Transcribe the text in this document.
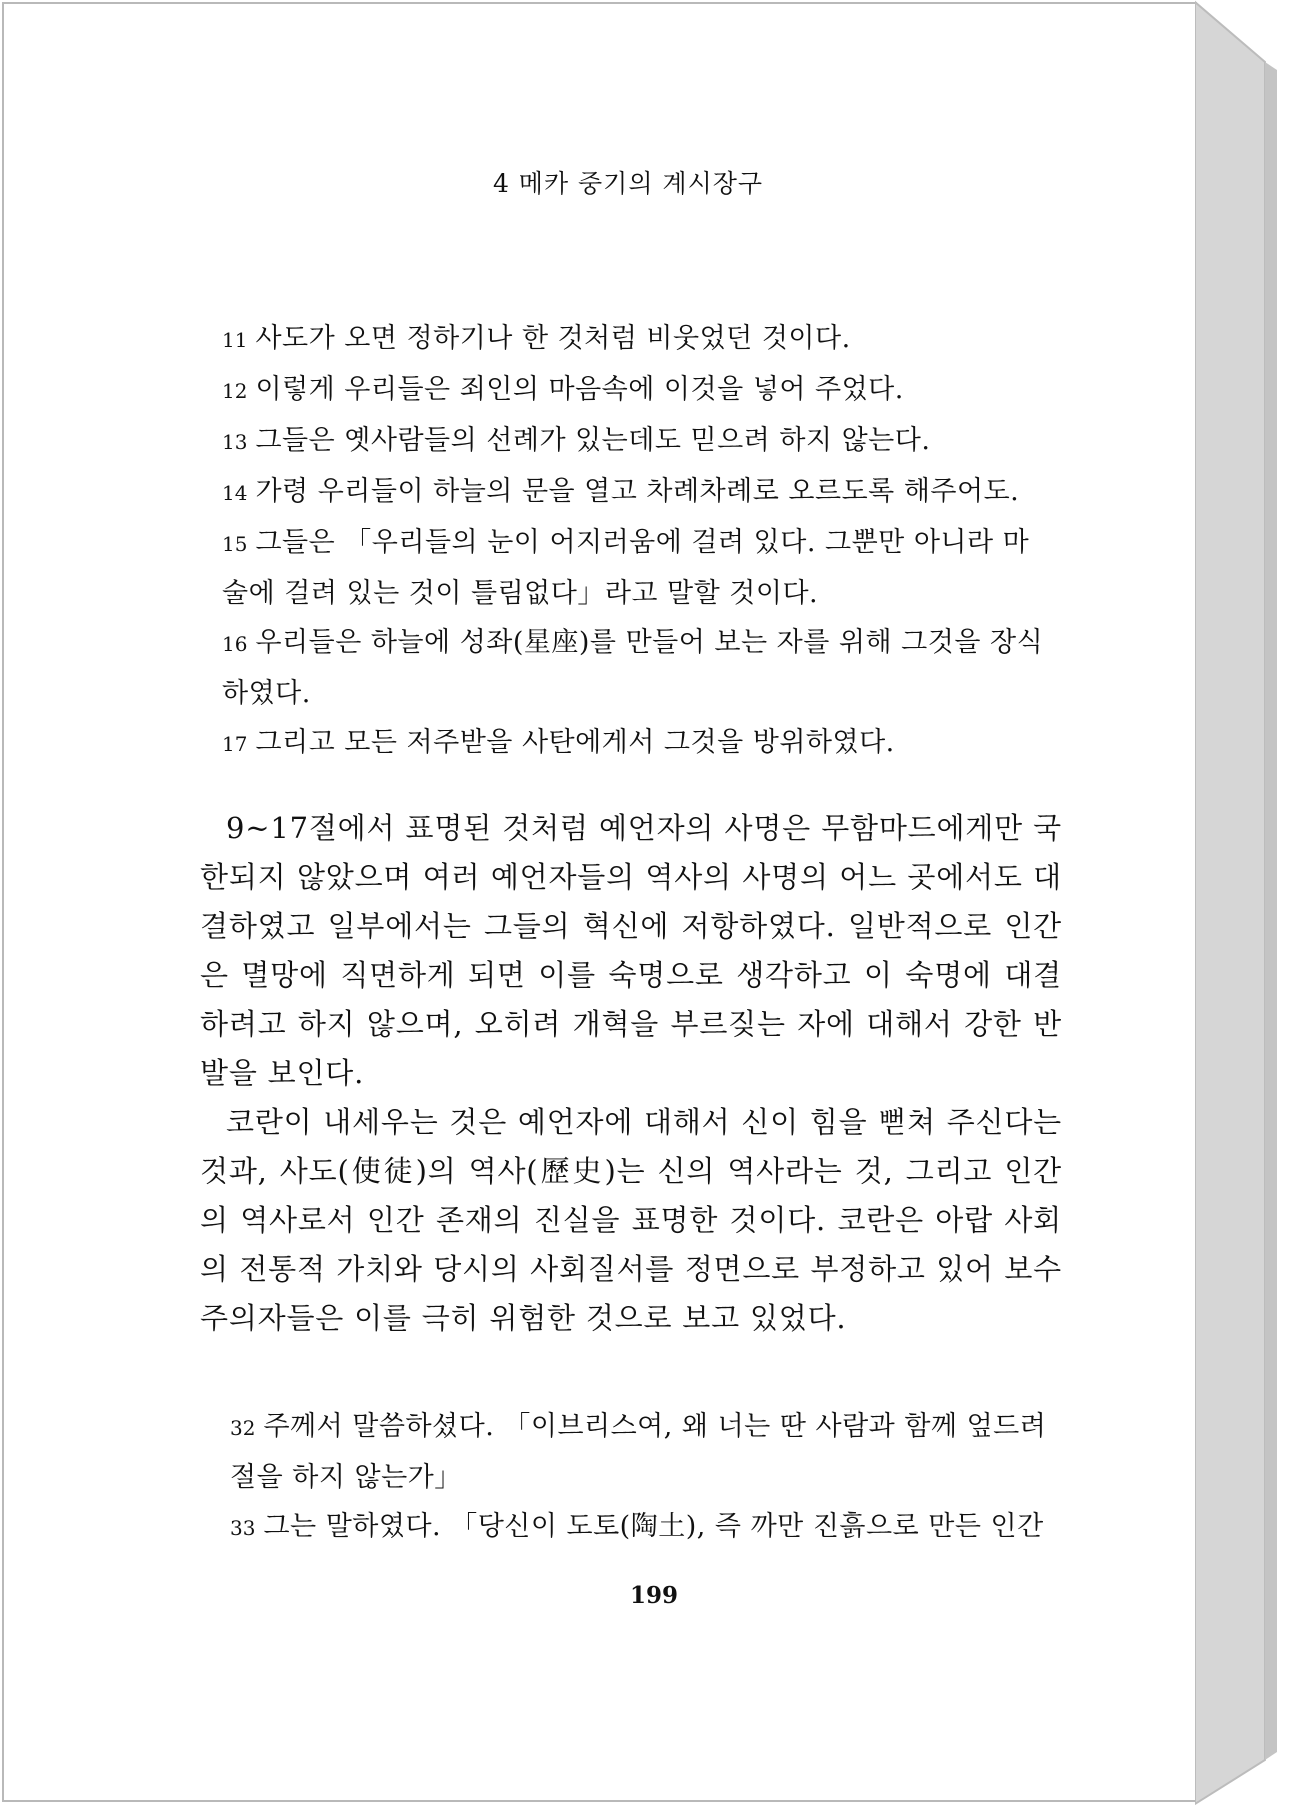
4 메카 중기의 계시장구

11 사도가 오면 정하기나 한 것처럼 비웃었던 것이다.

12 이렇게 우리들은 죄인의 마음속에 이것을 넣어 주었다.

13 그들은 옛사람들의 선례가 있는데도 믿으려 하지 않는다.

14 가령 우리들이 하늘의 문을 열고 차례차례로 오르도록 해주어도.

15 그들은 「우리들의 눈이 어지러움에 걸려 있다. 그뿐만 아니라 마술에 걸려 있는 것이 틀림없다」라고 말할 것이다.

16 우리들은 하늘에 성좌(星座)를 만들어 보는 자를 위해 그것을 장식하였다.

17 그리고 모든 저주받을 사탄에게서 그것을 방위하였다.

9~17절에서 표명된 것처럼 예언자의 사명은 무함마드에게만 국한되지 않았으며 여러 예언자들의 역사의 사명의 어느 곳에서도 대결하였고 일부에서는 그들의 혁신에 저항하였다. 일반적으로 인간은 멸망에 직면하게 되면 이를 숙명으로 생각하고 이 숙명에 대결하려고 하지 않으며, 오히려 개혁을 부르짖는 자에 대해서 강한 반발을 보인다.

코란이 내세우는 것은 예언자에 대해서 신이 힘을 뻗쳐 주신다는 것과, 사도(使徒)의 역사(歷史)는 신의 역사라는 것, 그리고 인간의 역사로서 인간 존재의 진실을 표명한 것이다. 코란은 아랍 사회의 전통적 가치와 당시의 사회질서를 정면으로 부정하고 있어 보수주의자들은 이를 극히 위험한 것으로 보고 있었다.

32 주께서 말씀하셨다. 「이브리스여, 왜 너는 딴 사람과 함께 엎드려 절을 하지 않는가」

33 그는 말하였다. 「당신이 도토(陶土), 즉 까만 진흙으로 만든 인간

199
